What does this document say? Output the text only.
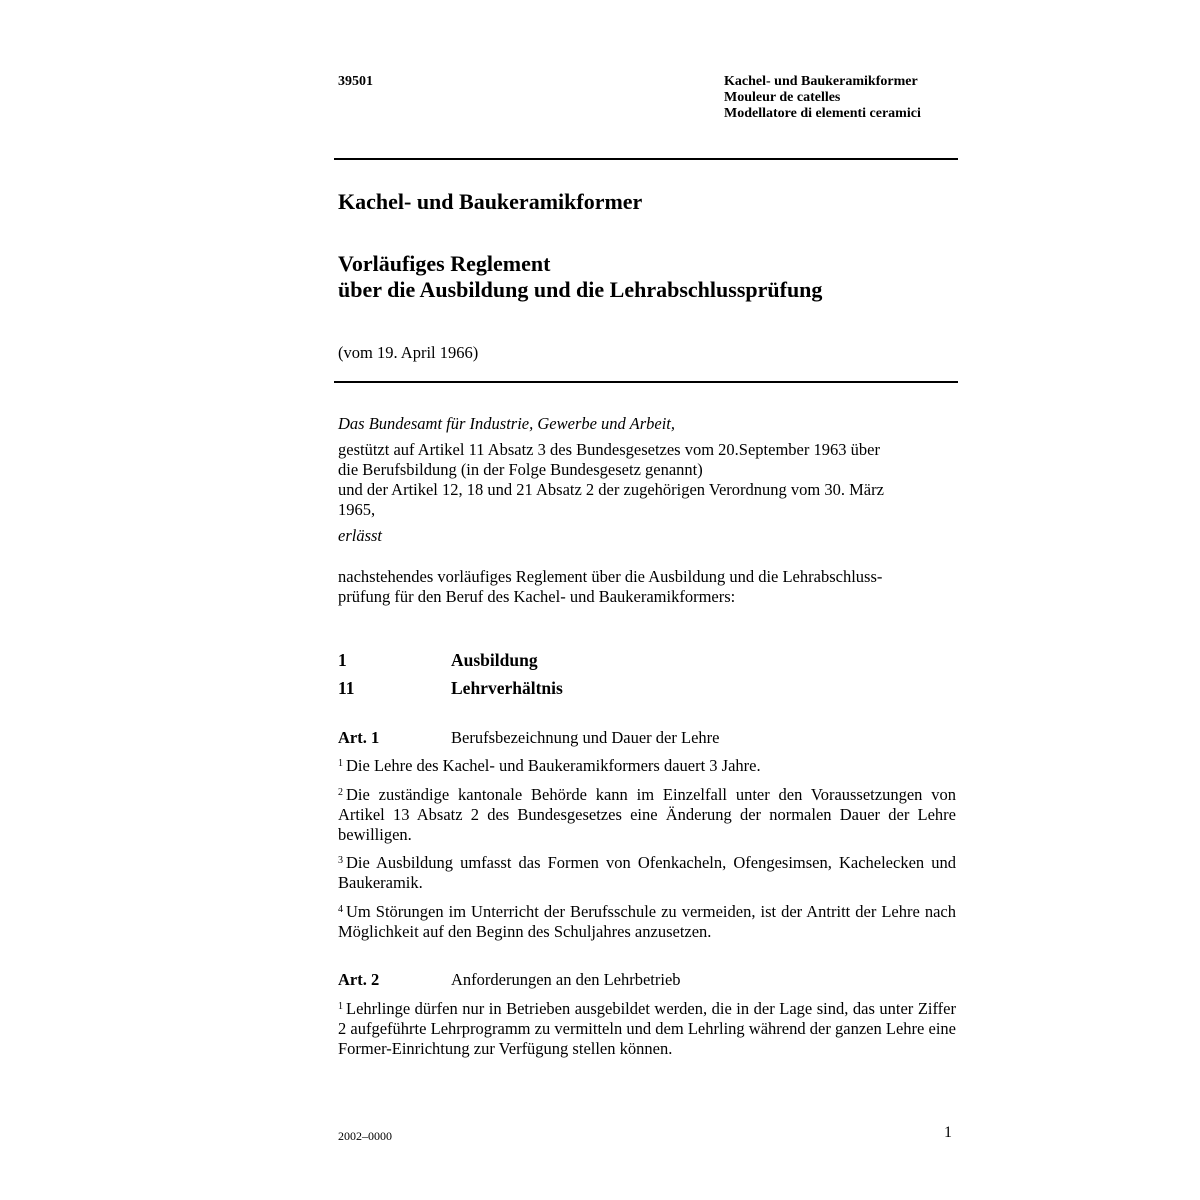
39501	Kachel- und Baukeramikformer
Mouleur de catelles
Modellatore di elementi ceramici
Kachel- und Baukeramikformer
Vorläufiges Reglement
über die Ausbildung und die Lehrabschlussprüfung
(vom 19. April 1966)
Das Bundesamt für Industrie, Gewerbe und Arbeit,
gestützt auf Artikel 11 Absatz 3 des Bundesgesetzes vom 20.September 1963 über
die Berufsbildung (in der Folge Bundesgesetz genannt)
und der Artikel 12, 18 und 21 Absatz 2 der zugehörigen Verordnung vom 30. März
1965,
erlässt
nachstehendes vorläufiges Reglement über die Ausbildung und die Lehrabschluss-
prüfung für den Beruf des Kachel- und Baukeramikformers:
1	Ausbildung
11	Lehrverhältnis
Art. 1	Berufsbezeichnung und Dauer der Lehre
$^1$ Die Lehre des Kachel- und Baukeramikformers dauert 3 Jahre.
$^2$ Die zuständige kantonale Behörde kann im Einzelfall unter den Voraussetzungen von Artikel 13 Absatz 2 des Bundesgesetzes eine Änderung der normalen Dauer der Lehre bewilligen.
$^3$ Die Ausbildung umfasst das Formen von Ofenkacheln, Ofengesimsen, Kachelecken und Baukeramik.
$^4$ Um Störungen im Unterricht der Berufsschule zu vermeiden, ist der Antritt der Lehre nach Möglichkeit auf den Beginn des Schuljahres anzusetzen.
Art. 2	Anforderungen an den Lehrbetrieb
$^1$ Lehrlinge dürfen nur in Betrieben ausgebildet werden, die in der Lage sind, das unter Ziffer 2 aufgeführte Lehrprogramm zu vermitteln und dem Lehrling während der ganzen Lehre eine Former-Einrichtung zur Verfügung stellen können.
2002–0000	1
